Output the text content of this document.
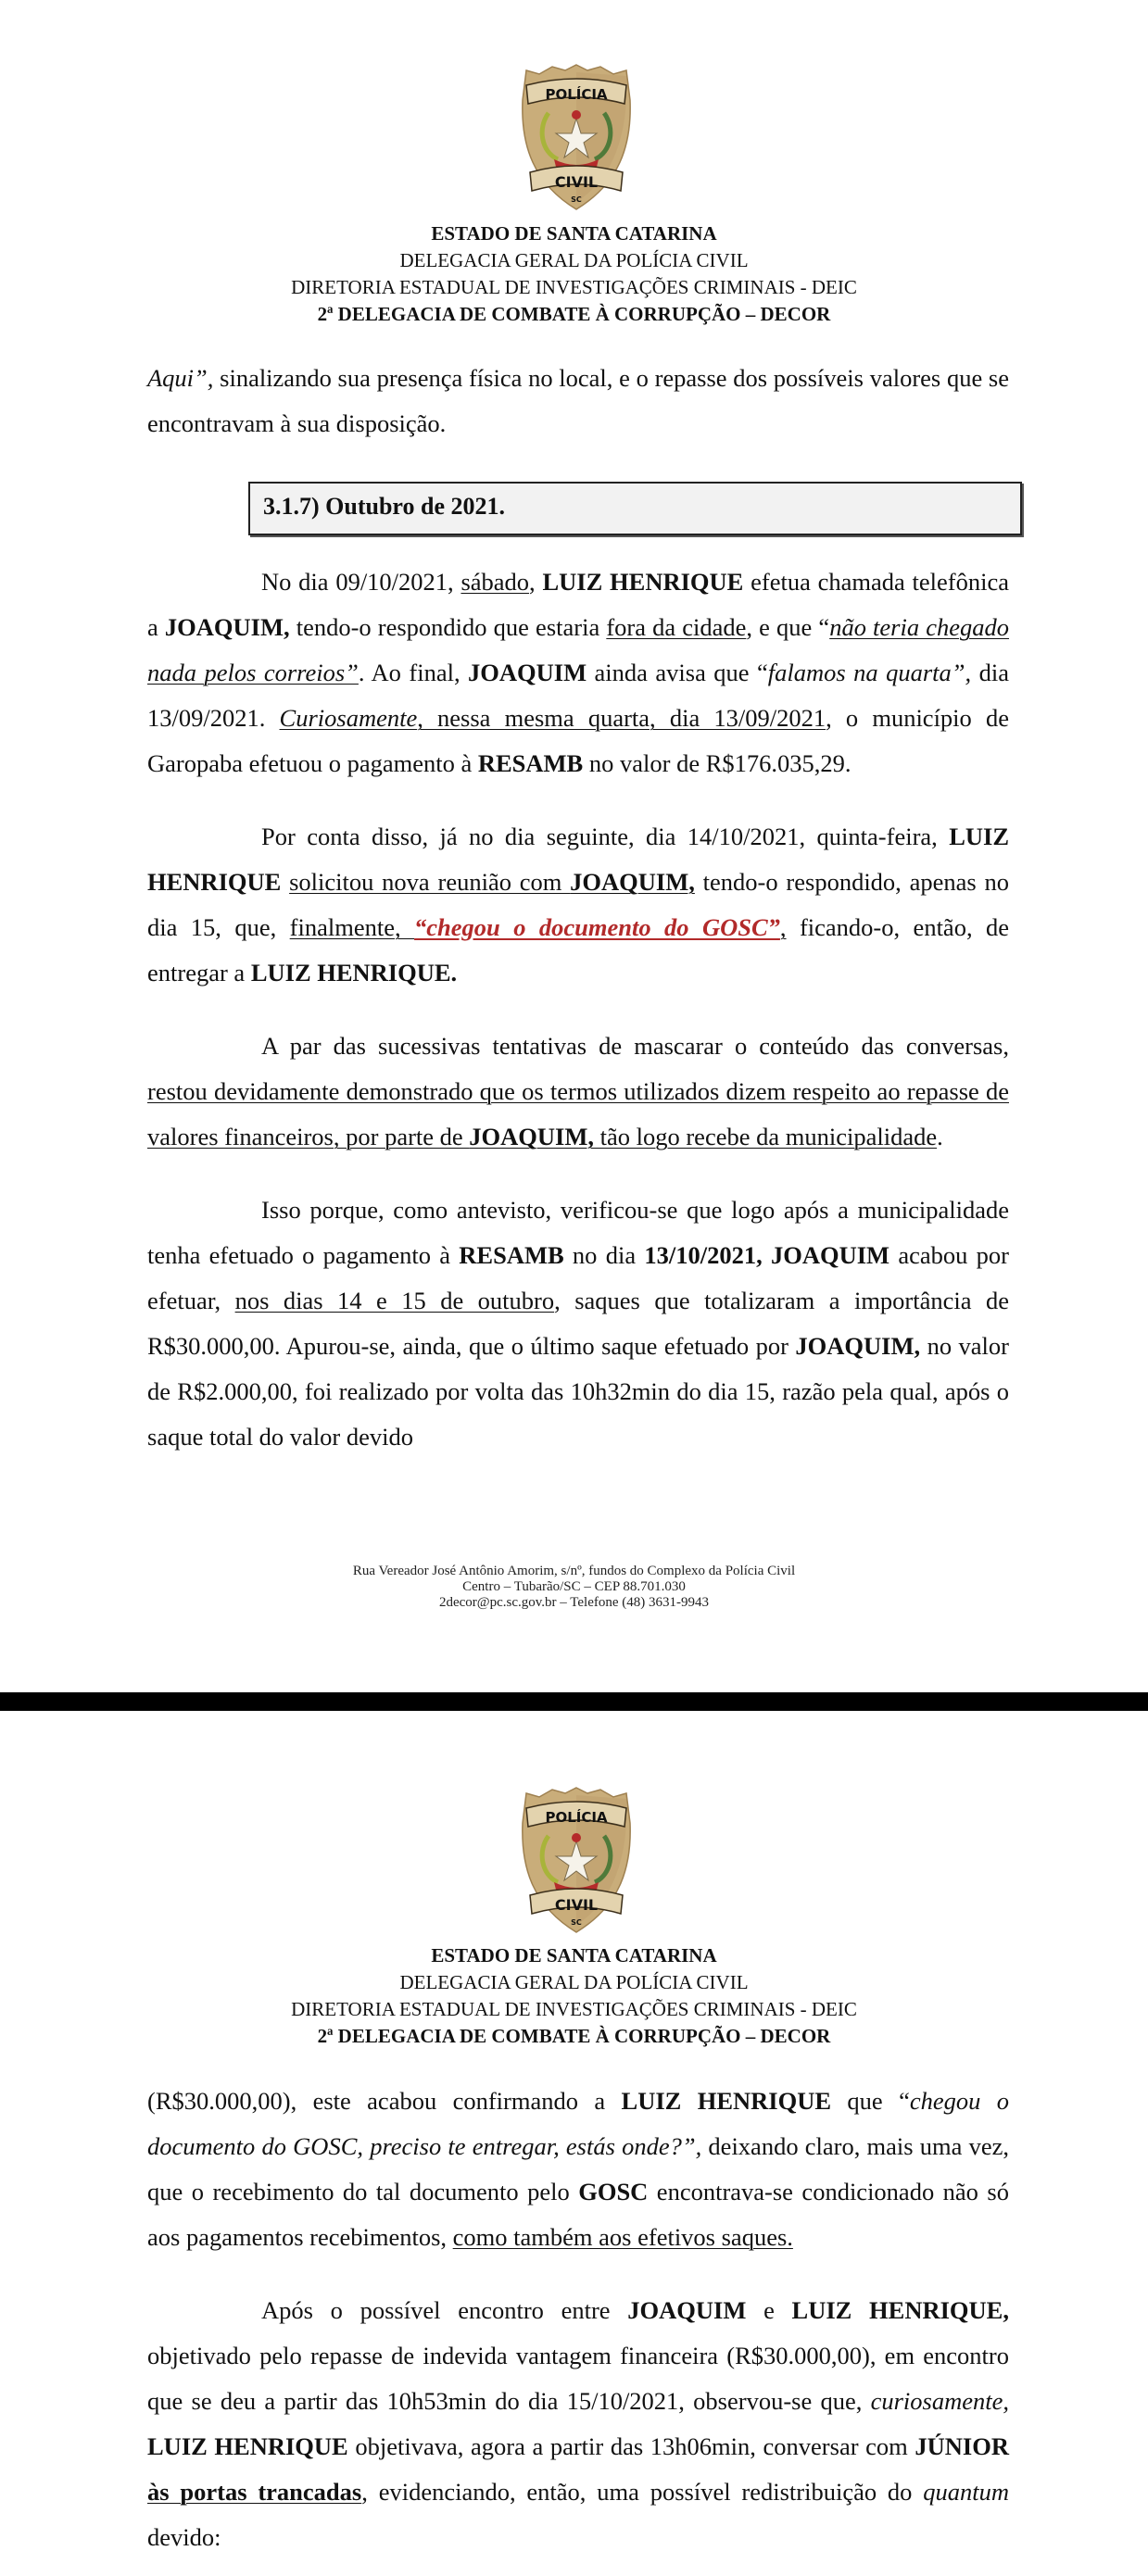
POLÍCIA
CIVIL
SC
ESTADO DE SANTA CATARINA
DELEGACIA GERAL DA POLÍCIA CIVIL
DIRETORIA ESTADUAL DE INVESTIGAÇÕES CRIMINAIS - DEIC
2ª DELEGACIA DE COMBATE À CORRUPÇÃO – DECOR

Aqui”, sinalizando sua presença física no local, e o repasse dos possíveis valores que se encontravam à sua disposição.

3.1.7) Outubro de 2021.

No dia 09/10/2021, sábado, LUIZ HENRIQUE efetua chamada telefônica a JOAQUIM, tendo-o respondido que estaria fora da cidade, e que “não teria chegado nada pelos correios”. Ao final, JOAQUIM ainda avisa que “falamos na quarta”, dia 13/09/2021. Curiosamente, nessa mesma quarta, dia 13/09/2021, o município de Garopaba efetuou o pagamento à RESAMB no valor de R$176.035,29.

Por conta disso, já no dia seguinte, dia 14/10/2021, quinta-feira, LUIZ HENRIQUE solicitou nova reunião com JOAQUIM, tendo-o respondido, apenas no dia 15, que, finalmente, “chegou o documento do GOSC”, ficando-o, então, de entregar a LUIZ HENRIQUE.

A par das sucessivas tentativas de mascarar o conteúdo das conversas, restou devidamente demonstrado que os termos utilizados dizem respeito ao repasse de valores financeiros, por parte de JOAQUIM, tão logo recebe da municipalidade.

Isso porque, como antevisto, verificou-se que logo após a municipalidade tenha efetuado o pagamento à RESAMB no dia 13/10/2021, JOAQUIM acabou por efetuar, nos dias 14 e 15 de outubro, saques que totalizaram a importância de R$30.000,00. Apurou-se, ainda, que o último saque efetuado por JOAQUIM, no valor de R$2.000,00, foi realizado por volta das 10h32min do dia 15, razão pela qual, após o saque total do valor devido

Rua Vereador José Antônio Amorim, s/nº, fundos do Complexo da Polícia Civil
Centro – Tubarão/SC – CEP 88.701.030
2decor@pc.sc.gov.br – Telefone (48) 3631-9943
POLÍCIA
CIVIL
SC
ESTADO DE SANTA CATARINA
DELEGACIA GERAL DA POLÍCIA CIVIL
DIRETORIA ESTADUAL DE INVESTIGAÇÕES CRIMINAIS - DEIC
2ª DELEGACIA DE COMBATE À CORRUPÇÃO – DECOR

(R$30.000,00), este acabou confirmando a LUIZ HENRIQUE que “chegou o documento do GOSC, preciso te entregar, estás onde?”, deixando claro, mais uma vez, que o recebimento do tal documento pelo GOSC encontrava-se condicionado não só aos pagamentos recebimentos, como também aos efetivos saques.

Após o possível encontro entre JOAQUIM e LUIZ HENRIQUE, objetivado pelo repasse de indevida vantagem financeira (R$30.000,00), em encontro que se deu a partir das 10h53min do dia 15/10/2021, observou-se que, curiosamente, LUIZ HENRIQUE objetivava, agora a partir das 13h06min, conversar com JÚNIOR às portas trancadas, evidenciando, então, uma possível redistribuição do quantum devido:
